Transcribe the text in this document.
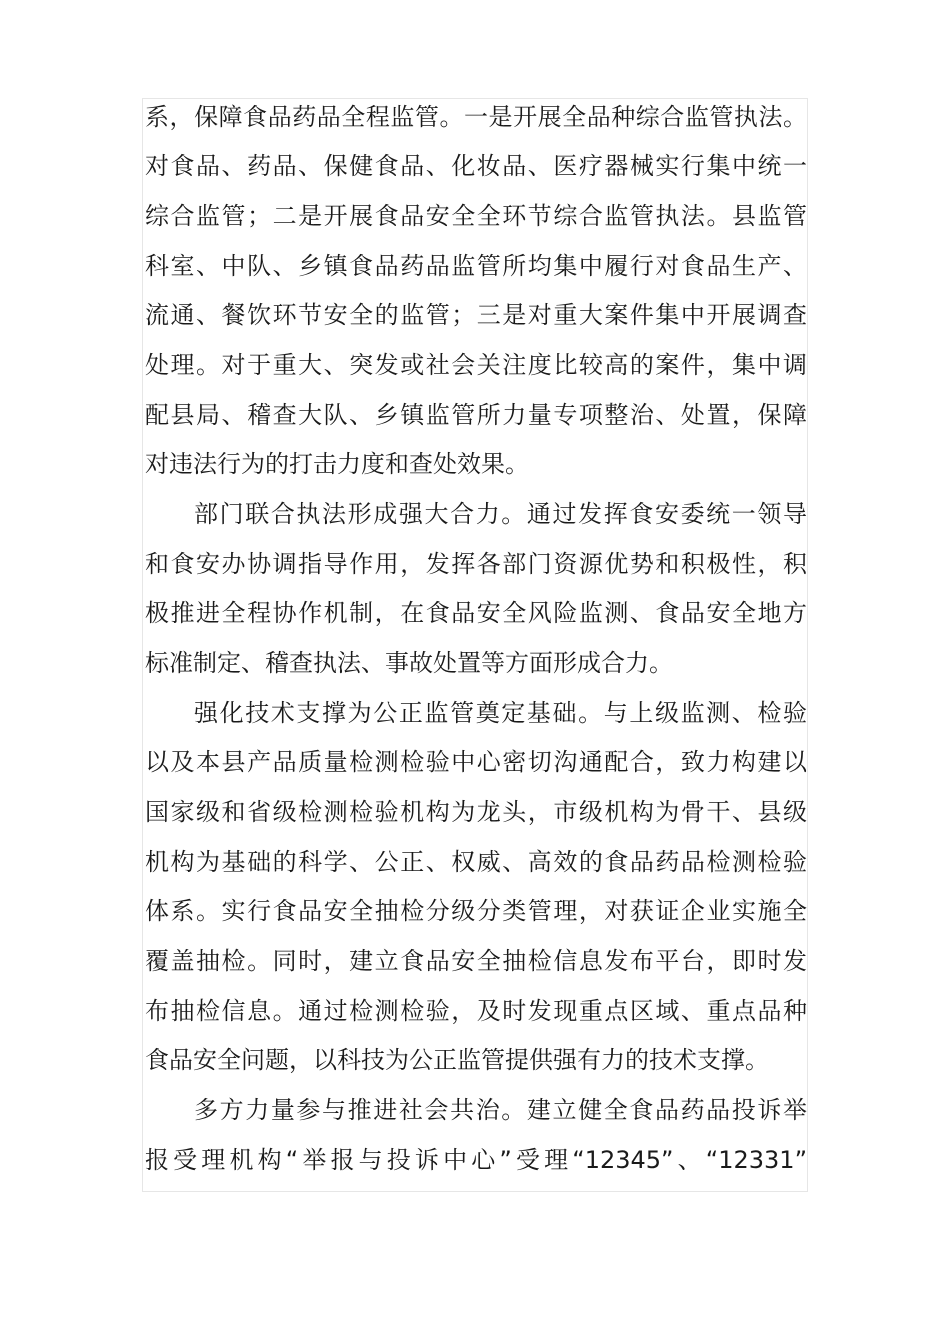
系，保障食品药品全程监管。一是开展全品种综合监管执法。
对食品、药品、保健食品、化妆品、医疗器械实行集中统一
综合监管；二是开展食品安全全环节综合监管执法。县监管
科室、中队、乡镇食品药品监管所均集中履行对食品生产、
流通、餐饮环节安全的监管；三是对重大案件集中开展调查
处理。对于重大、突发或社会关注度比较高的案件，集中调
配县局、稽查大队、乡镇监管所力量专项整治、处置，保障
对违法行为的打击力度和查处效果。
部门联合执法形成强大合力。通过发挥食安委统一领导
和食安办协调指导作用，发挥各部门资源优势和积极性，积
极推进全程协作机制，在食品安全风险监测、食品安全地方
标准制定、稽查执法、事故处置等方面形成合力。
强化技术支撑为公正监管奠定基础。与上级监测、检验
以及本县产品质量检测检验中心密切沟通配合，致力构建以
国家级和省级检测检验机构为龙头，市级机构为骨干、县级
机构为基础的科学、公正、权威、高效的食品药品检测检验
体系。实行食品安全抽检分级分类管理，对获证企业实施全
覆盖抽检。同时，建立食品安全抽检信息发布平台，即时发
布抽检信息。通过检测检验，及时发现重点区域、重点品种
食品安全问题，以科技为公正监管提供强有力的技术支撑。
多方力量参与推进社会共治。建立健全食品药品投诉举
报受理机构“举报与投诉中心”受理“12345”、“12331”
